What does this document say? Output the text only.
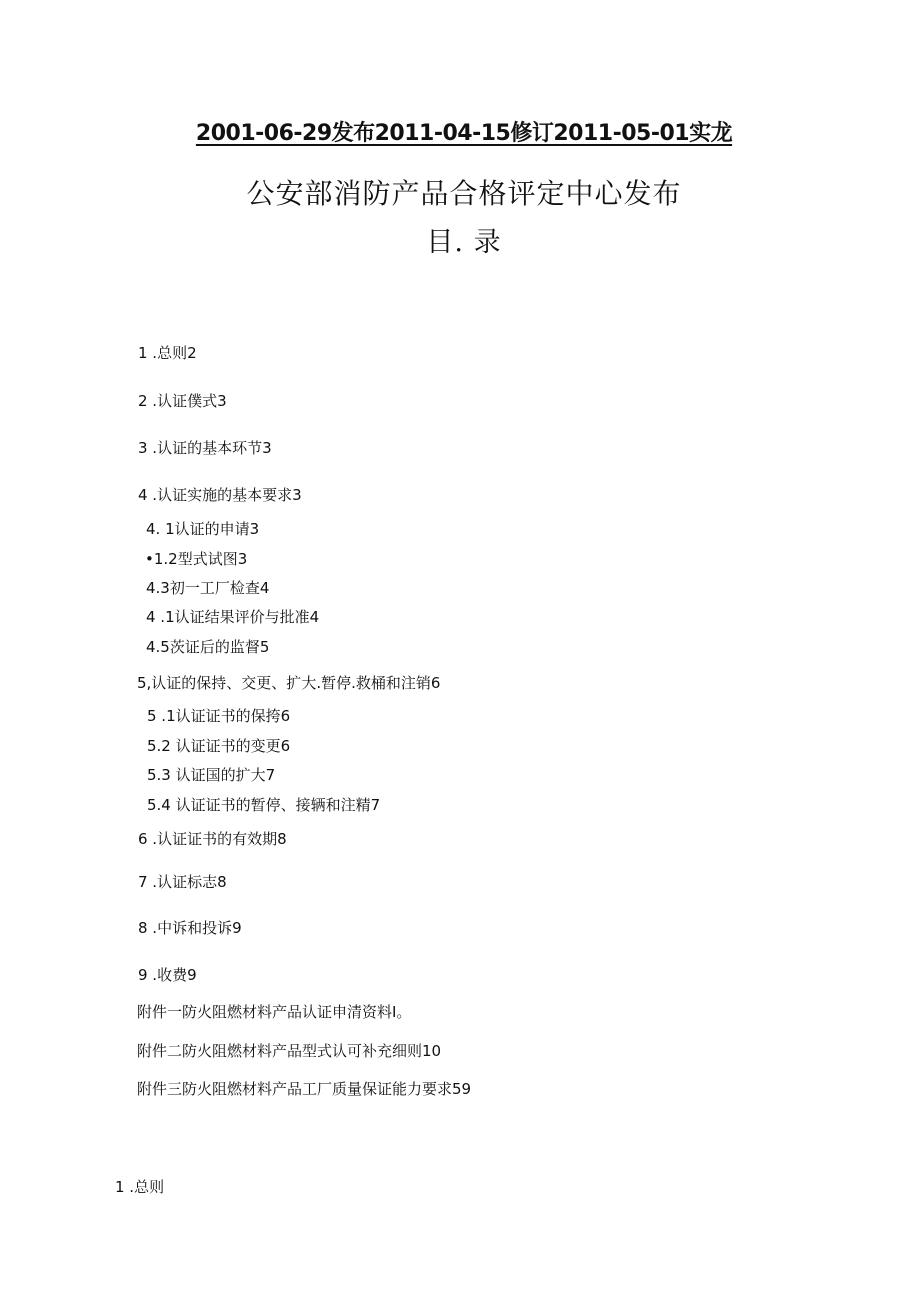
2001-06-29发布2011-04-15修订2011-05-01实龙
公安部消防产品合格评定中心发布
目. 录
1 .总则2
2 .认证僕式3
3 .认证的基本环节3
4 .认证实施的基本要求3
4. 1认证的申请3
•1.2型式试图3
4.3初一工厂检查4
4 .1认证结果评价与批准4
4.5茨证后的监督5
5,认证的保持、交更、扩大.暂停.救桶和注销6
5 .1认证证书的保挎6
5.2 认证证书的变更6
5.3 认证国的扩大7
5.4 认证证书的暂停、接辆和注精7
6 .认证证书的有效期8
7 .认证标志8
8 .中诉和投诉9
9 .收费9
附件一防火阻燃材料产品认证申清资料I。
附件二防火阻燃材料产品型式认可补充细则10
附件三防火阻燃材料产品工厂质量保证能力要求59
1 .总则
